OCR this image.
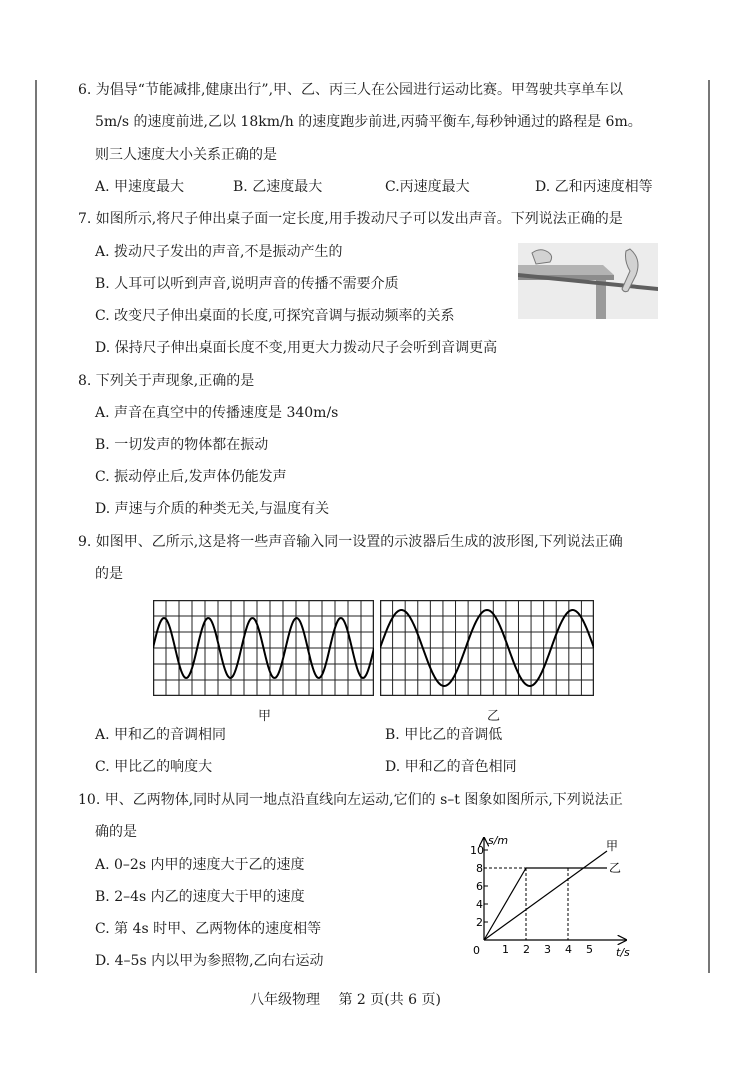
6. 为倡导“节能减排,健康出行”,甲、乙、丙三人在公园进行运动比赛。甲驾驶共享单车以
5m/s 的速度前进,乙以 18km/h 的速度跑步前进,丙骑平衡车,每秒钟通过的路程是 6m。
则三人速度大小关系正确的是
A. 甲速度最大	B. 乙速度最大	C.丙速度最大	D. 乙和丙速度相等
7. 如图所示,将尺子伸出桌子面一定长度,用手拨动尺子可以发出声音。下列说法正确的是
A. 拨动尺子发出的声音,不是振动产生的
B. 人耳可以听到声音,说明声音的传播不需要介质
C. 改变尺子伸出桌面的长度,可探究音调与振动频率的关系
D. 保持尺子伸出桌面长度不变,用更大力拨动尺子会听到音调更高
8. 下列关于声现象,正确的是
A. 声音在真空中的传播速度是 340m/s
B. 一切发声的物体都在振动
C. 振动停止后,发声体仍能发声
D. 声速与介质的种类无关,与温度有关
9. 如图甲、乙所示,这是将一些声音输入同一设置的示波器后生成的波形图,下列说法正确
的是
甲	乙
A. 甲和乙的音调相同	B. 甲比乙的音调低
C. 甲比乙的响度大	D. 甲和乙的音色相同
10. 甲、乙两物体,同时从同一地点沿直线向左运动,它们的 s–t 图象如图所示,下列说法正
确的是
A. 0–2s 内甲的速度大于乙的速度
B. 2–4s 内乙的速度大于甲的速度
C. 第 4s 时甲、乙两物体的速度相等
D. 4–5s 内以甲为参照物,乙向右运动
s/m
t/s
0
2
4
6
8
10
1 2 3 4 5
甲
乙
八年级物理　 第 2 页(共 6 页)
